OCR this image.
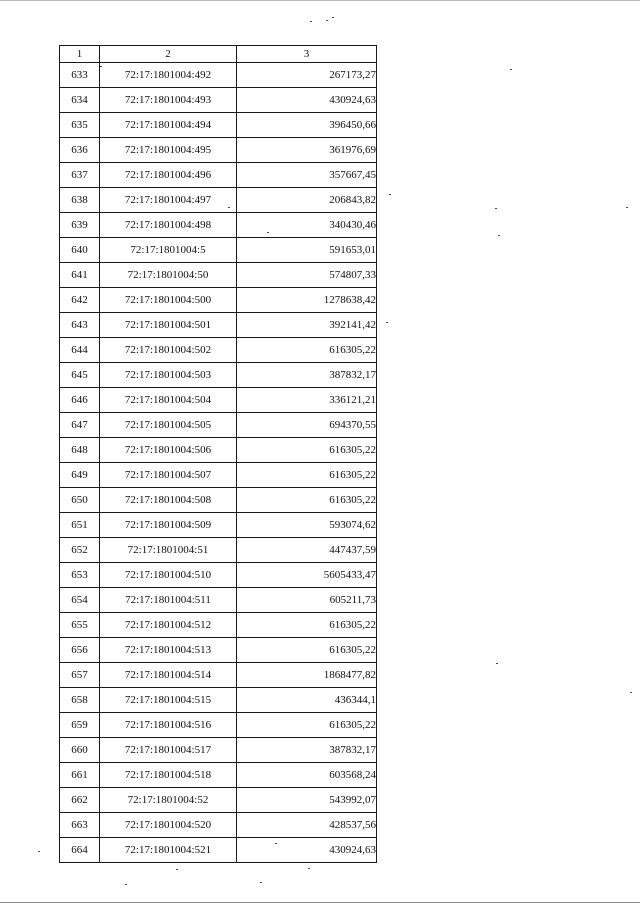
1	2	3
633	72:17:1801004:492	267173,27
634	72:17:1801004:493	430924,63
635	72:17:1801004:494	396450,66
636	72:17:1801004:495	361976,69
637	72:17:1801004:496	357667,45
638	72:17:1801004:497	206843,82
639	72:17:1801004:498	340430,46
640	72:17:1801004:5	591653,01
641	72:17:1801004:50	574807,33
642	72:17:1801004:500	1278638,42
643	72:17:1801004:501	392141,42
644	72:17:1801004:502	616305,22
645	72:17:1801004:503	387832,17
646	72:17:1801004:504	336121,21
647	72:17:1801004:505	694370,55
648	72:17:1801004:506	616305,22
649	72:17:1801004:507	616305,22
650	72:17:1801004:508	616305,22
651	72:17:1801004:509	593074,62
652	72:17:1801004:51	447437,59
653	72:17:1801004:510	5605433,47
654	72:17:1801004:511	605211,73
655	72:17:1801004:512	616305,22
656	72:17:1801004:513	616305,22
657	72:17:1801004:514	1868477,82
658	72:17:1801004:515	436344,1
659	72:17:1801004:516	616305,22
660	72:17:1801004:517	387832,17
661	72:17:1801004:518	603568,24
662	72:17:1801004:52	543992,07
663	72:17:1801004:520	428537,56
664	72:17:1801004:521	430924,63
